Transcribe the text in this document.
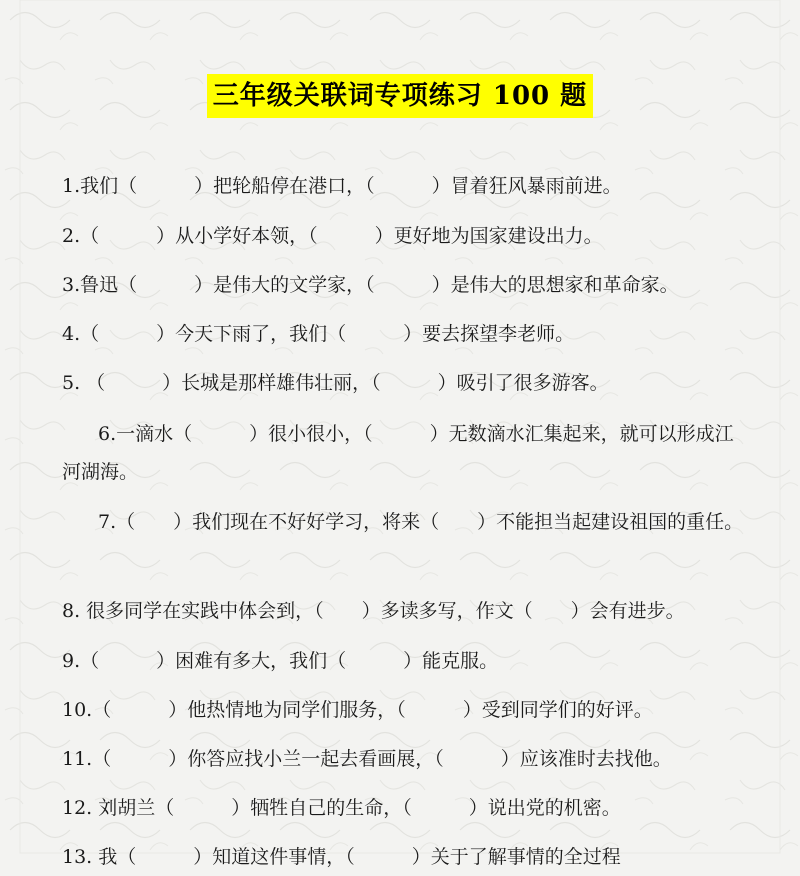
三年级关联词专项练习 100 题
1.我们（　　　）把轮船停在港口，（　　　）冒着狂风暴雨前进。
2.（　　　）从小学好本领，（　　　）更好地为国家建设出力。
3.鲁迅（　　　）是伟大的文学家，（　　　）是伟大的思想家和革命家。
4.（　　　）今天下雨了，我们（　　　）要去探望李老师。
5. （　　　）长城是那样雄伟壮丽，（　　　）吸引了很多游客。
6.一滴水（　　　）很小很小，（　　　）无数滴水汇集起来，就可以形成江河湖海。
7.（　　）我们现在不好好学习，将来（　　）不能担当起建设祖国的重任。
8. 很多同学在实践中体会到，（　　）多读多写，作文（　　）会有进步。
9.（　　　）困难有多大，我们（　　　）能克服。
10.（　　　）他热情地为同学们服务，（　　　）受到同学们的好评。
11.（　　　）你答应找小兰一起去看画展，（　　　）应该准时去找他。
12. 刘胡兰（　　　）牺牲自己的生命，（　　　）说出党的机密。
13. 我（　　　）知道这件事情，（　　　）关于了解事情的全过程
